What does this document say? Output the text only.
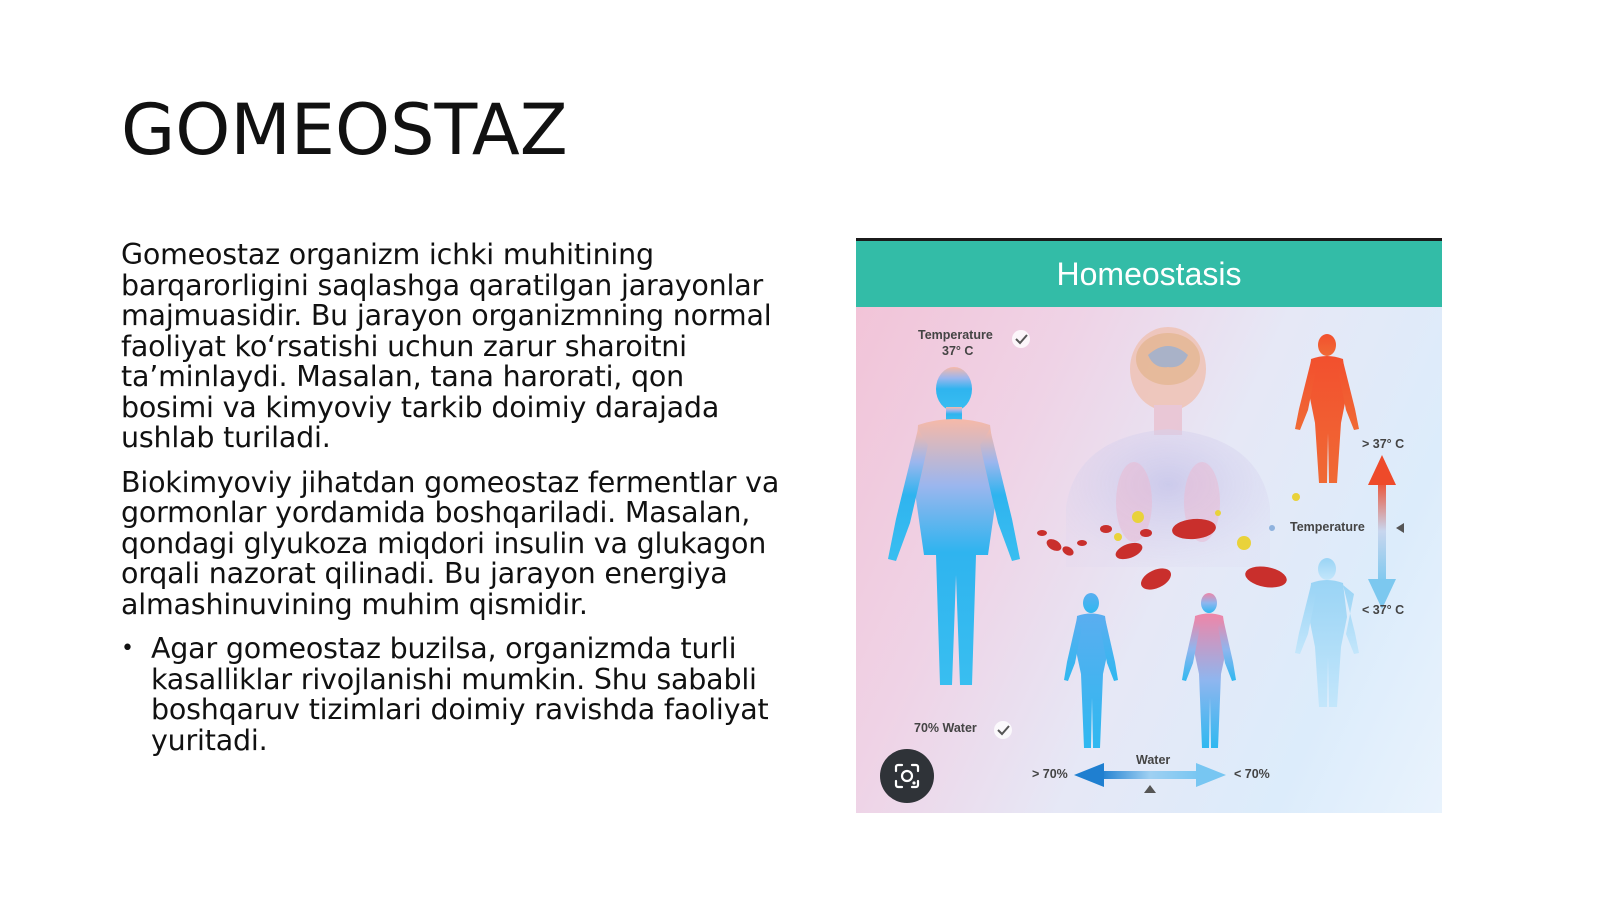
GOMEOSTAZ

Gomeostaz organizm ichki muhitining barqarorligini saqlashga qaratilgan jarayonlar majmuasidir. Bu jarayon organizmning normal faoliyat ko‘rsatishi uchun zarur sharoitni ta’minlaydi. Masalan, tana harorati, qon bosimi va kimyoviy tarkib doimiy darajada ushlab turiladi.

Biokimyoviy jihatdan gomeostaz fermentlar va gormonlar yordamida boshqariladi. Masalan, qondagi glyukoza miqdori insulin va glukagon orqali nazorat qilinadi. Bu jarayon energiya almashinuvining muhim qismidir.

• Agar gomeostaz buzilsa, organizmda turli kasalliklar rivojlanishi mumkin. Shu sababli boshqaruv tizimlari doimiy ravishda faoliyat yuritadi.
Homeostasis
Temperature
37° C
70% Water
> 37° C
Temperature
< 37° C
Water
> 70%	< 70%
